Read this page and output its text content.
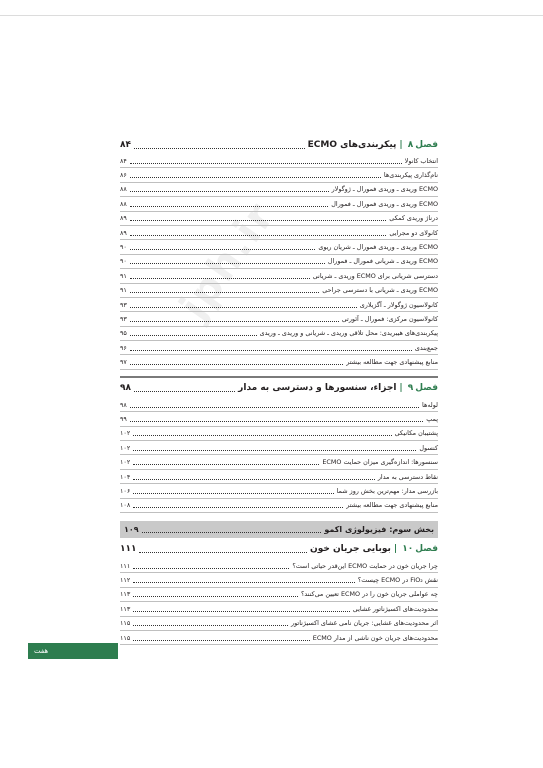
jph.ir
فصل
۸
|
پیکربندی‌های ECMO
۸۴
انتخاب کانولا
۸۴
نام‌گذاری پیکربندی‌ها
۸۶
ECMO وریدی ـ وریدی فمورال ـ ژوگولار
۸۸
ECMO وریدی ـ وریدی فمورال ـ فمورال
۸۸
درناژ وریدی کمکی
۸۹
کانولای دو مجرایی
۸۹
ECMO وریدی ـ وریدی فمورال ـ شریان ریوی
۹۰
ECMO وریدی ـ شریانی فمورال ـ فمورال
۹۰
دسترسی شریانی برای ECMO وریدی ـ شریانی
۹۱
ECMO وریدی ـ شریانی با دسترسی جراحی
۹۱
کانولاسیون ژوگولار ـ آگزیلاری
۹۳
کانولاسیون مرکزی: فمورال ـ آئورتی
۹۳
پیکربندی‌های هیبریدی: محل تلاقی وریدی ـ شریانی و وریدی ـ وریدی
۹۵
جمع‌بندی
۹۶
منابع پیشنهادی جهت مطالعه بیشتر
۹۷
فصل
۹
|
اجزاء، سنسورها و دسترسی به مدار
۹۸
لوله‌ها
۹۸
پمپ
۹۹
پشتیبان مکانیکی
۱۰۲
کنسول
۱۰۲
سنسورها: اندازه‌گیری میزان حمایت ECMO
۱۰۲
نقاط دسترسی به مدار
۱۰۴
بازرسی مدار: مهم‌ترین بخش روز شما
۱۰۶
منابع پیشنهادی جهت مطالعه بیشتر
۱۰۸
بخش سوم: فیزیولوژی اکمو
۱۰۹
فصل
۱۰
|
بوبایی جریان خون
۱۱۱
چرا جریان خون در حمایت ECMO این‌قدر حیاتی است؟
۱۱۱
نقش FiO₂ در ECMO چیست؟
۱۱۲
چه عواملی جریان خون را در ECMO تعیین می‌کنند؟
۱۱۳
محدودیت‌های اکسیژناتور غشایی
۱۱۳
اثر محدودیت‌های غشایی: جریان نامی غشای اکسیژناتور
۱۱۵
محدودیت‌های جریان خون ناشی از مدار ECMO
۱۱۵
هفت
